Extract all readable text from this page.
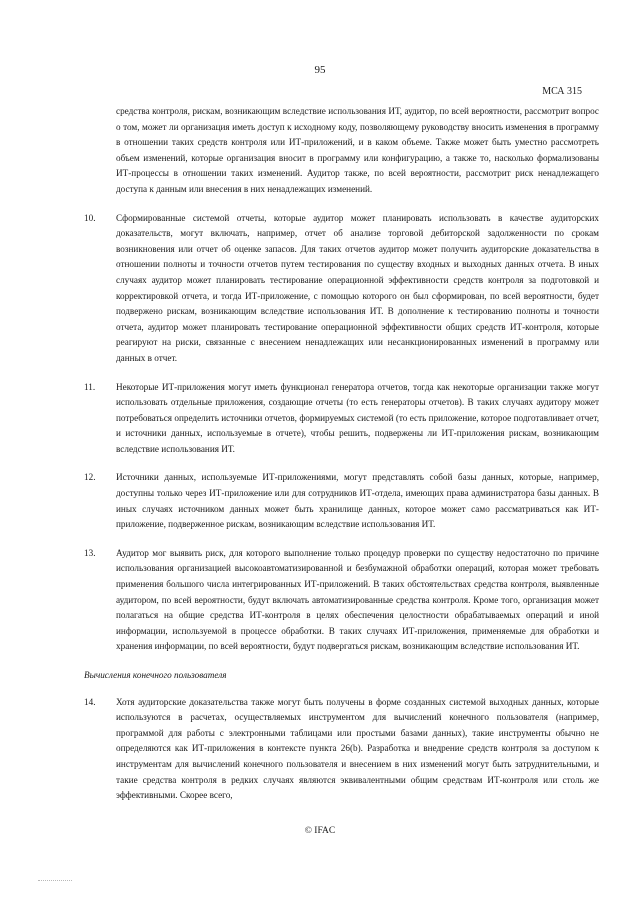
95
МСА 315

средства контроля, рискам, возникающим вследствие использования ИТ, аудитор, по всей вероятности, рассмотрит вопрос о том, может ли организация иметь доступ к исходному коду, позволяющему руководству вносить изменения в программу в отношении таких средств контроля или ИТ-приложений, и в каком объеме. Также может быть уместно рассмотреть объем изменений, которые организация вносит в программу или конфигурацию, а также то, насколько формализованы ИТ-процессы в отношении таких изменений. Аудитор также, по всей вероятности, рассмотрит риск ненадлежащего доступа к данным или внесения в них ненадлежащих изменений.

10.	Сформированные системой отчеты, которые аудитор может планировать использовать в качестве аудиторских доказательств, могут включать, например, отчет об анализе торговой дебиторской задолженности по срокам возникновения или отчет об оценке запасов. Для таких отчетов аудитор может получить аудиторские доказательства в отношении полноты и точности отчетов путем тестирования по существу входных и выходных данных отчета. В иных случаях аудитор может планировать тестирование операционной эффективности средств контроля за подготовкой и корректировкой отчета, и тогда ИТ-приложение, с помощью которого он был сформирован, по всей вероятности, будет подвержено рискам, возникающим вследствие использования ИТ. В дополнение к тестированию полноты и точности отчета, аудитор может планировать тестирование операционной эффективности общих средств ИТ-контроля, которые реагируют на риски, связанные с внесением ненадлежащих или несанкционированных изменений в программу или данных в отчет.
11.	Некоторые ИТ-приложения могут иметь функционал генератора отчетов, тогда как некоторые организации также могут использовать отдельные приложения, создающие отчеты (то есть генераторы отчетов). В таких случаях аудитору может потребоваться определить источники отчетов, формируемых системой (то есть приложение, которое подготавливает отчет, и источники данных, используемые в отчете), чтобы решить, подвержены ли ИТ-приложения рискам, возникающим вследствие использования ИТ.
12.	Источники данных, используемые ИТ-приложениями, могут представлять собой базы данных, которые, например, доступны только через ИТ-приложение или для сотрудников ИТ-отдела, имеющих права администратора базы данных. В иных случаях источником данных может быть хранилище данных, которое может само рассматриваться как ИТ-приложение, подверженное рискам, возникающим вследствие использования ИТ.
13.	Аудитор мог выявить риск, для которого выполнение только процедур проверки по существу недостаточно по причине использования организацией высокоавтоматизированной и безбумажной обработки операций, которая может требовать применения большого числа интегрированных ИТ-приложений. В таких обстоятельствах средства контроля, выявленные аудитором, по всей вероятности, будут включать автоматизированные средства контроля. Кроме того, организация может полагаться на общие средства ИТ-контроля в целях обеспечения целостности обрабатываемых операций и иной информации, используемой в процессе обработки. В таких случаях ИТ-приложения, применяемые для обработки и хранения информации, по всей вероятности, будут подвергаться рискам, возникающим вследствие использования ИТ.
Вычисления конечного пользователя
14.	Хотя аудиторские доказательства также могут быть получены в форме созданных системой выходных данных, которые используются в расчетах, осуществляемых инструментом для вычислений конечного пользователя (например, программой для работы с электронными таблицами или простыми базами данных), такие инструменты обычно не определяются как ИТ-приложения в контексте пункта 26(b). Разработка и внедрение средств контроля за доступом к инструментам для вычислений конечного пользователя и внесением в них изменений могут быть затруднительными, и такие средства контроля в редких случаях являются эквивалентными общим средствам ИТ-контроля или столь же эффективными. Скорее всего,
© IFAC
